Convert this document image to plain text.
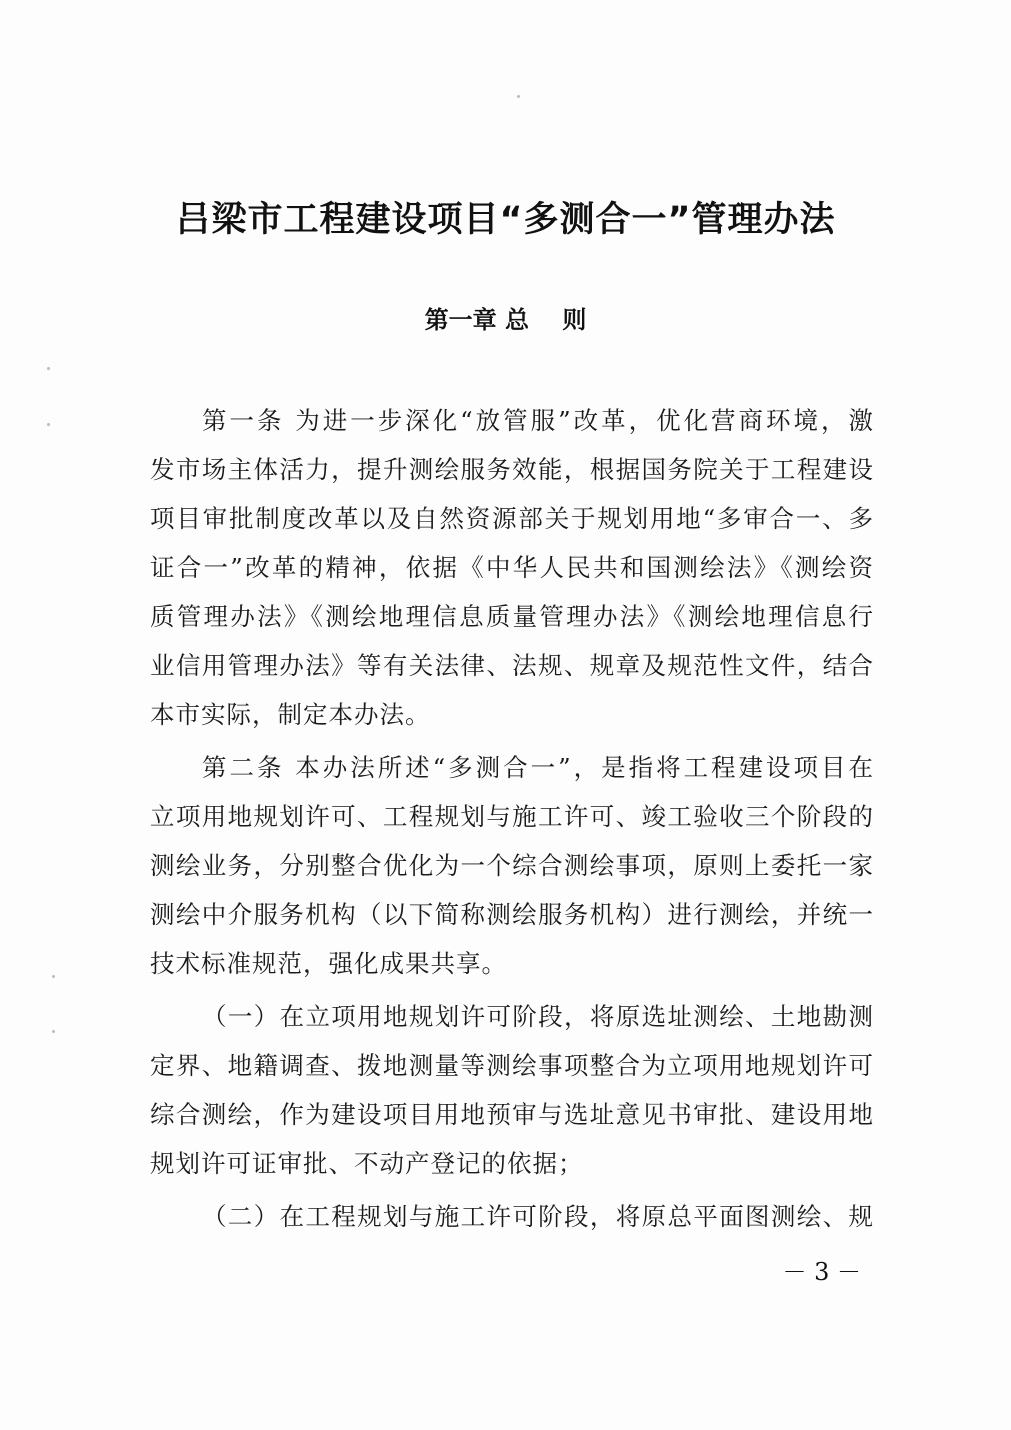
吕梁市工程建设项目“多测合一”管理办法
第一章 总    则
第一条 为进一步深化“放管服”改革，优化营商环境，激
发市场主体活力，提升测绘服务效能，根据国务院关于工程建设
项目审批制度改革以及自然资源部关于规划用地“多审合一、多
证合一”改革的精神，依据《中华人民共和国测绘法》《测绘资
质管理办法》《测绘地理信息质量管理办法》《测绘地理信息行
业信用管理办法》等有关法律、法规、规章及规范性文件，结合
本市实际，制定本办法。
第二条 本办法所述“多测合一”，是指将工程建设项目在
立项用地规划许可、工程规划与施工许可、竣工验收三个阶段的
测绘业务，分别整合优化为一个综合测绘事项，原则上委托一家
测绘中介服务机构（以下简称测绘服务机构）进行测绘，并统一
技术标准规范，强化成果共享。
（一）在立项用地规划许可阶段，将原选址测绘、土地勘测
定界、地籍调查、拨地测量等测绘事项整合为立项用地规划许可
综合测绘，作为建设项目用地预审与选址意见书审批、建设用地
规划许可证审批、不动产登记的依据；
（二）在工程规划与施工许可阶段，将原总平面图测绘、规
－ 3 －
